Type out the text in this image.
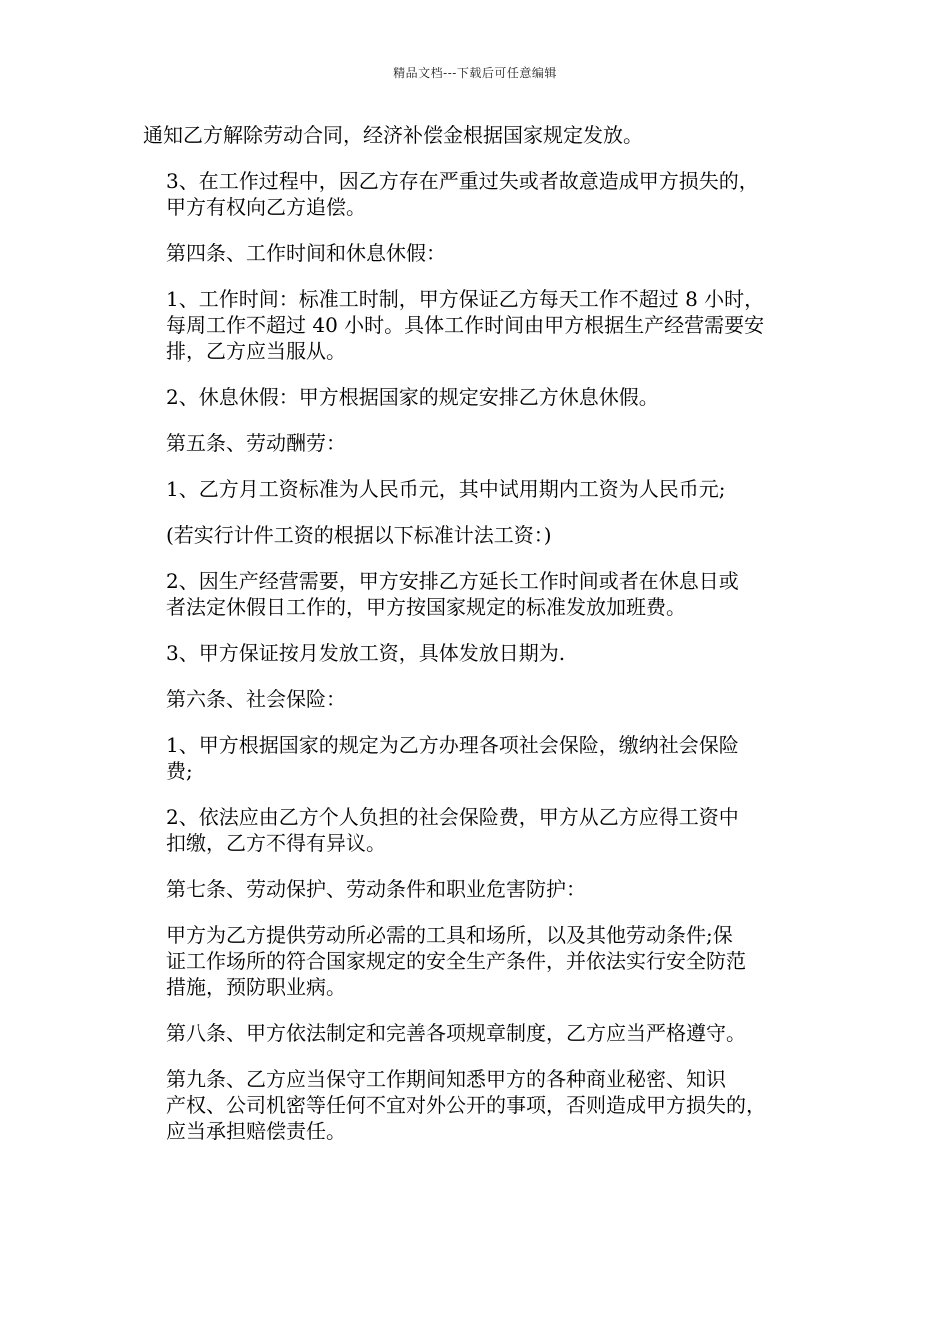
精品文档---下载后可任意编辑
通知乙方解除劳动合同，经济补偿金根据国家规定发放。
3、在工作过程中，因乙方存在严重过失或者故意造成甲方损失的，
甲方有权向乙方追偿。
第四条、工作时间和休息休假：
1、工作时间：标准工时制，甲方保证乙方每天工作不超过 8 小时，
每周工作不超过 40 小时。具体工作时间由甲方根据生产经营需要安
排，乙方应当服从。
2、休息休假：甲方根据国家的规定安排乙方休息休假。
第五条、劳动酬劳：
1、乙方月工资标准为人民币元，其中试用期内工资为人民币元;
(若实行计件工资的根据以下标准计法工资：)
2、因生产经营需要，甲方安排乙方延长工作时间或者在休息日或
者法定休假日工作的，甲方按国家规定的标准发放加班费。
3、甲方保证按月发放工资，具体发放日期为.
第六条、社会保险：
1、甲方根据国家的规定为乙方办理各项社会保险，缴纳社会保险
费;
2、依法应由乙方个人负担的社会保险费，甲方从乙方应得工资中
扣缴，乙方不得有异议。
第七条、劳动保护、劳动条件和职业危害防护：
甲方为乙方提供劳动所必需的工具和场所，以及其他劳动条件;保
证工作场所的符合国家规定的安全生产条件，并依法实行安全防范
措施，预防职业病。
第八条、甲方依法制定和完善各项规章制度，乙方应当严格遵守。
第九条、乙方应当保守工作期间知悉甲方的各种商业秘密、知识
产权、公司机密等任何不宜对外公开的事项，否则造成甲方损失的，
应当承担赔偿责任。
